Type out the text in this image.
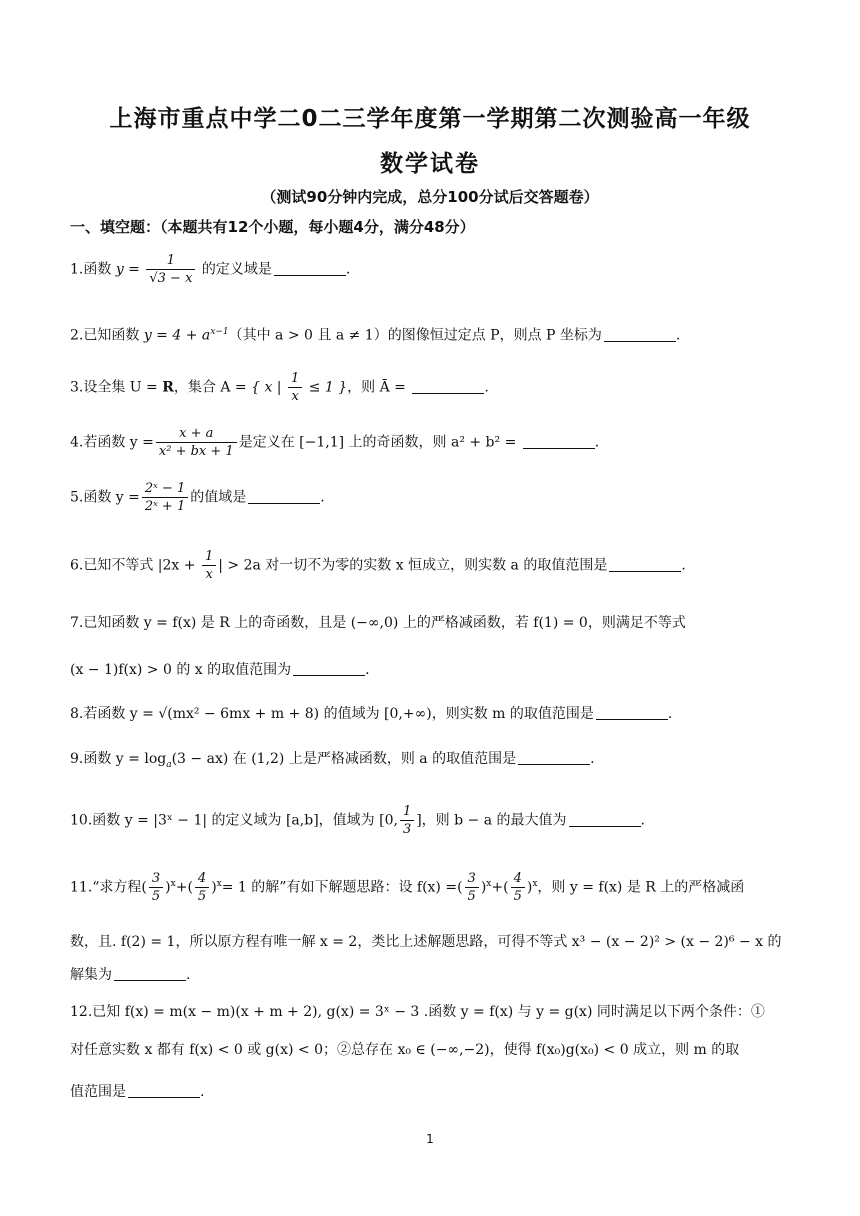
上海市重点中学二0二三学年度第一学期第二次测验高一年级
数学试卷
（测试90分钟内完成，总分100分试后交答题卷）
一、填空题：（本题共有12个小题，每小题4分，满分48分）
1.函数 $y = \frac{1}{√3 - x}$ 的定义域是	.
2.已知函数 $y = 4 + a^{x-1}$（其中 a > 0 且 a ≠ 1）的图像恒过定点 P，则点 P 坐标为	.
3.设全集 U = R，集合 A = { x | $\frac{1}{x} \le 1$ }，则 Ā =	.
4.若函数 $y = \frac{x + a}{\text{x² + bx + 1}}$ 是定义在 [−1,1] 上的奇函数，则 a² + b² =	.
5.函数 $y = \frac{\text{2ˣ − 1}}{\text{2ˣ + 1}}$ 的值域是	.
6.已知不等式 $|2x + \frac{1}{x}$ | > 2a 对一切不为零的实数 x 恒成立，则实数 a 的取值范围是	.
7.已知函数 y = f(x) 是 R 上的奇函数，且是 (−∞,0) 上的严格减函数，若 f(1) = 0，则满足不等式
(x − 1)f(x) > 0 的 x 的取值范围为	.
8.若函数 y = √(mx² − 6mx + m + 8) 的值域为 [0,+∞)，则实数 m 的取值范围是	.
9.函数 $y = \log_a(3 - ax)$ 在 (1,2) 上是严格减函数，则 a 的取值范围是	.
10.函数 y = |3ˣ − 1| 的定义域为 [a,b]，值域为 [0, $\frac{1}{3}$ ]，则 b − a 的最大值为	.
11.“求方程( $\frac{3}{5} )^x+( \frac{4}{5} )^x= 1$ 的解”有如下解题思路：设 f(x) =( $\frac{3}{5} )^x+( \frac{4}{5} )^x$，则 y = f(x) 是 R 上的严格减函
数，且. f(2) = 1，所以原方程有唯一解 x = 2，类比上述解题思路，可得不等式 x³ − (x − 2)² > (x − 2)⁶ − x 的
解集为	.
12.已知 f(x) = m(x − m)(x + m + 2), g(x) = 3ˣ − 3 .函数 y = f(x) 与 y = g(x) 同时满足以下两个条件：①
对任意实数 x 都有 f(x) < 0 或 g(x) < 0；②总存在 x₀ ∈ (−∞,−2)，使得 f(x₀)g(x₀) < 0 成立，则 m 的取
值范围是	.
1
